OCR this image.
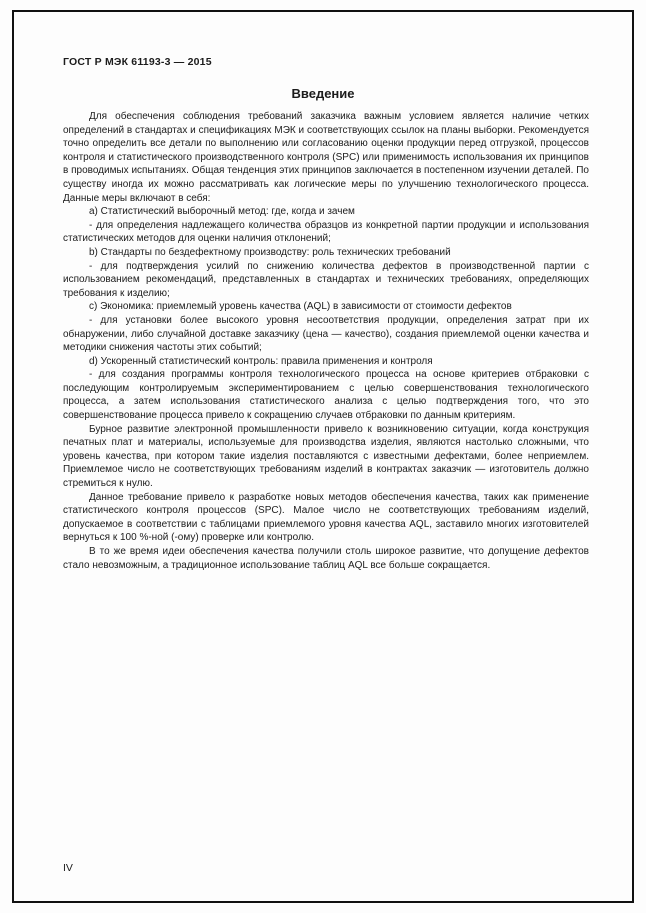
ГОСТ Р МЭК 61193-3 — 2015
Введение

Для обеспечения соблюдения требований заказчика важным условием является наличие четких определений в стандартах и спецификациях МЭК и соответствующих ссылок на планы выборки. Рекомендуется точно определить все детали по выполнению или согласованию оценки продукции перед отгрузкой, процессов контроля и статистического производственного контроля (SPC) или применимость использования их принципов в проводимых испытаниях. Общая тенденция этих принципов заключается в постепенном изучении деталей. По существу иногда их можно рассматривать как логические меры по улучшению технологического процесса. Данные меры включают в себя:

a) Статистический выборочный метод: где, когда и зачем

- для определения надлежащего количества образцов из конкретной партии продукции и использования статистических методов для оценки наличия отклонений;

b) Стандарты по бездефектному производству: роль технических требований

- для подтверждения усилий по снижению количества дефектов в производственной партии с использованием рекомендаций, представленных в стандартах и технических требованиях, определяющих требования к изделию;

c) Экономика: приемлемый уровень качества (AQL) в зависимости от стоимости дефектов

- для установки более высокого уровня несоответствия продукции, определения затрат при их обнаружении, либо случайной доставке заказчику (цена — качество), создания приемлемой оценки качества и методики снижения частоты этих событий;

d) Ускоренный статистический контроль: правила применения и контроля

- для создания программы контроля технологического процесса на основе критериев отбраковки с последующим контролируемым экспериментированием с целью совершенствования технологического процесса, а затем использования статистического анализа с целью подтверждения того, что это совершенствование процесса привело к сокращению случаев отбраковки по данным критериям.

Бурное развитие электронной промышленности привело к возникновению ситуации, когда конструкция печатных плат и материалы, используемые для производства изделия, являются настолько сложными, что уровень качества, при котором такие изделия поставляются с известными дефектами, более неприемлем. Приемлемое число не соответствующих требованиям изделий в контрактах заказчик — изготовитель должно стремиться к нулю.

Данное требование привело к разработке новых методов обеспечения качества, таких как применение статистического контроля процессов (SPC). Малое число не соответствующих требованиям изделий, допускаемое в соответствии с таблицами приемлемого уровня качества AQL, заставило многих изготовителей вернуться к 100 %-ной (-ому) проверке или контролю.

В то же время идеи обеспечения качества получили столь широкое развитие, что допущение дефектов стало невозможным, а традиционное использование таблиц AQL все больше сокращается.

IV
